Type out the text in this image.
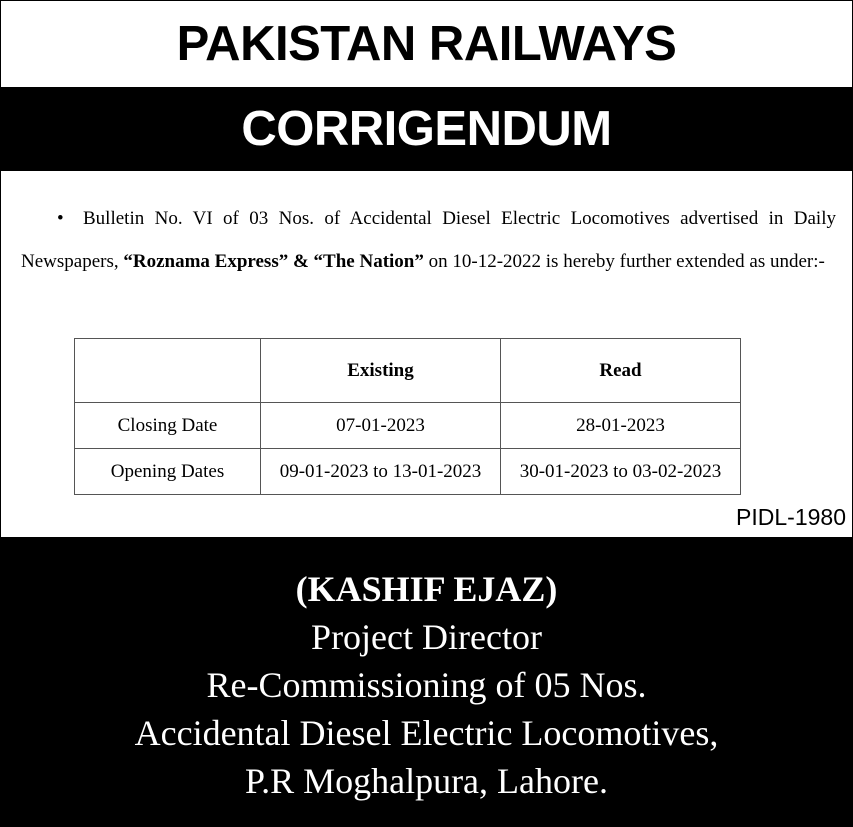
PAKISTAN RAILWAYS
CORRIGENDUM
• Bulletin No. VI of 03 Nos. of Accidental Diesel Electric Locomotives advertised in Daily Newspapers, “Roznama Express” & “The Nation” on 10-12-2022 is hereby further extended as under:-
	Existing	Read
Closing Date	07-01-2023	28-01-2023
Opening Dates	09-01-2023 to 13-01-2023	30-01-2023 to 03-02-2023
PIDL-1980
(KASHIF EJAZ)
Project Director
Re-Commissioning of 05 Nos.
Accidental Diesel Electric Locomotives,
P.R Moghalpura, Lahore.
